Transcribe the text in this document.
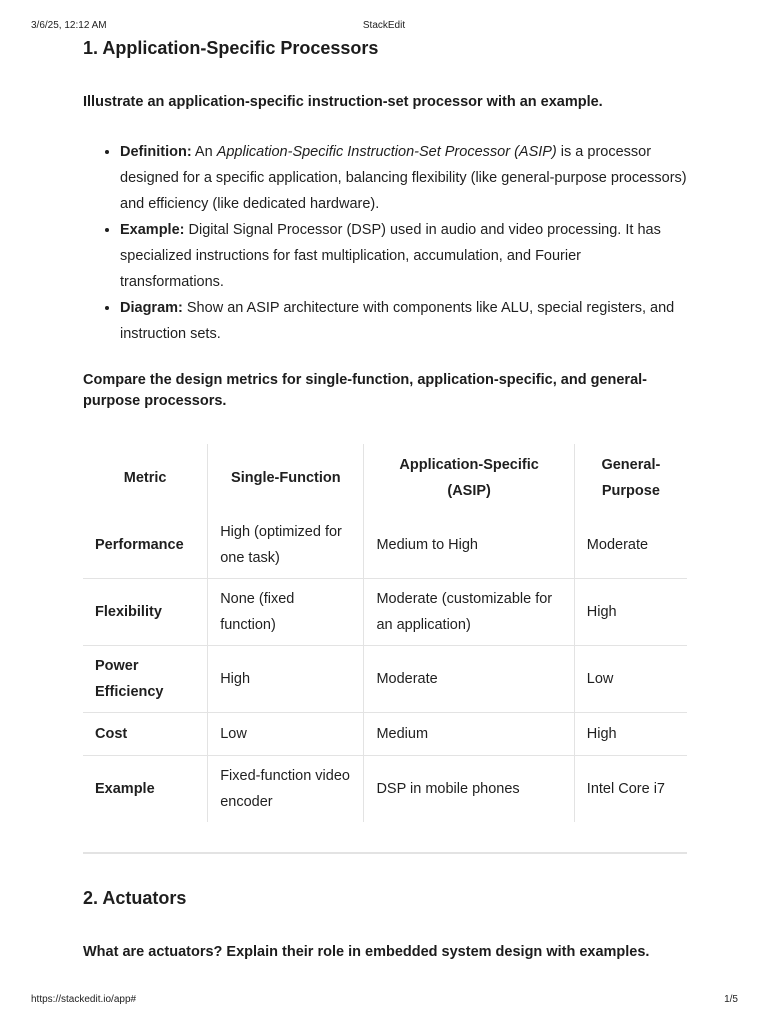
3/6/25, 12:12 AM	StackEdit
1. Application-Specific Processors

Illustrate an application-specific instruction-set processor with an example.

• Definition: An Application-Specific Instruction-Set Processor (ASIP) is a processor designed for a specific application, balancing flexibility (like general-purpose processors) and efficiency (like dedicated hardware).
• Example: Digital Signal Processor (DSP) used in audio and video processing. It has specialized instructions for fast multiplication, accumulation, and Fourier transformations.
• Diagram: Show an ASIP architecture with components like ALU, special registers, and instruction sets.

Compare the design metrics for single-function, application-specific, and general-purpose processors.

Metric	Single-Function	Application-Specific (ASIP)	General-Purpose
Performance	High (optimized for one task)	Medium to High	Moderate
Flexibility	None (fixed function)	Moderate (customizable for an application)	High
Power Efficiency	High	Moderate	Low
Cost	Low	Medium	High
Example	Fixed-function video encoder	DSP in mobile phones	Intel Core i7
2. Actuators

What are actuators? Explain their role in embedded system design with examples.

https://stackedit.io/app#	1/5
